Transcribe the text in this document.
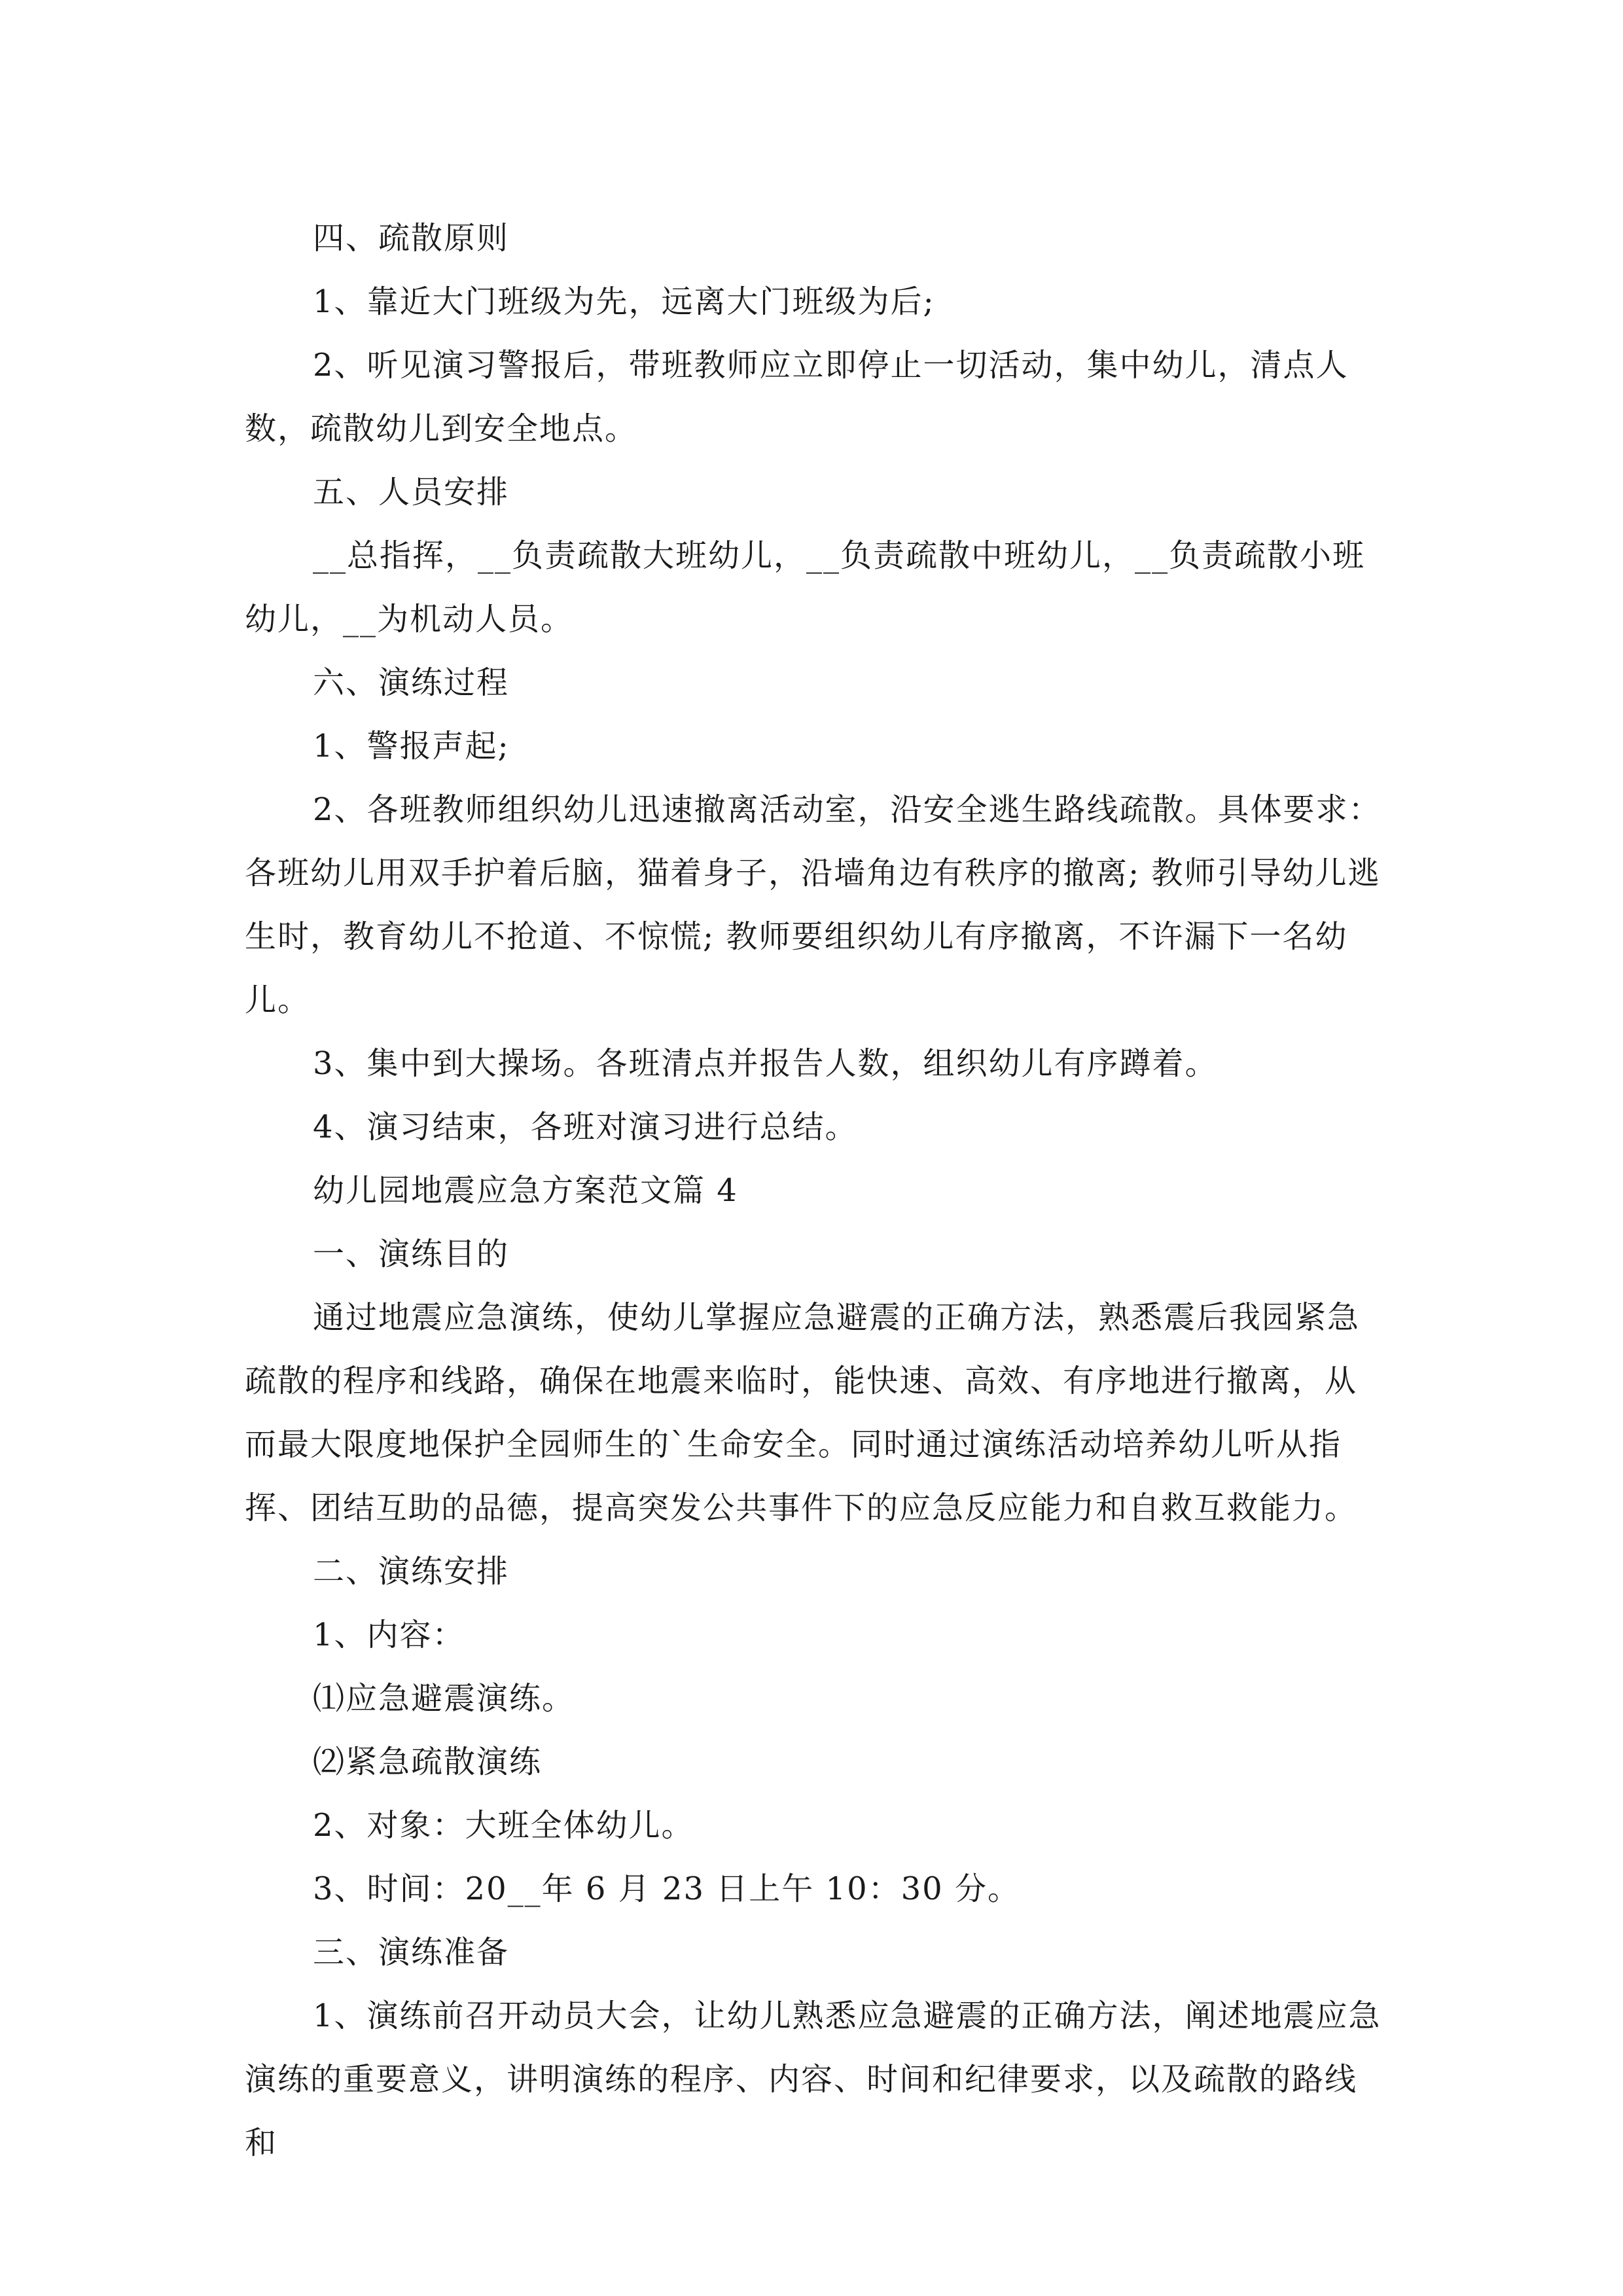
四、疏散原则

1、靠近大门班级为先，远离大门班级为后;

2、听见演习警报后，带班教师应立即停止一切活动，集中幼儿，清点人数，疏散幼儿到安全地点。

五、人员安排

__总指挥，__负责疏散大班幼儿，__负责疏散中班幼儿，__负责疏散小班幼儿，__为机动人员。

六、演练过程

1、警报声起;

2、各班教师组织幼儿迅速撤离活动室，沿安全逃生路线疏散。具体要求：各班幼儿用双手护着后脑，猫着身子，沿墙角边有秩序的撤离; 教师引导幼儿逃生时，教育幼儿不抢道、不惊慌; 教师要组织幼儿有序撤离，不许漏下一名幼儿。

3、集中到大操场。各班清点并报告人数，组织幼儿有序蹲着。

4、演习结束，各班对演习进行总结。

幼儿园地震应急方案范文篇 4

一、演练目的

通过地震应急演练，使幼儿掌握应急避震的正确方法，熟悉震后我园紧急疏散的程序和线路，确保在地震来临时，能快速、高效、有序地进行撤离，从而最大限度地保护全园师生的`生命安全。同时通过演练活动培养幼儿听从指挥、团结互助的品德，提高突发公共事件下的应急反应能力和自救互救能力。

二、演练安排

1、内容：

⑴应急避震演练。

⑵紧急疏散演练

2、对象：大班全体幼儿。

3、时间：20__年 6 月 23 日上午 10：30 分。

三、演练准备

1、演练前召开动员大会，让幼儿熟悉应急避震的正确方法，阐述地震应急演练的重要意义，讲明演练的程序、内容、时间和纪律要求，以及疏散的路线和
